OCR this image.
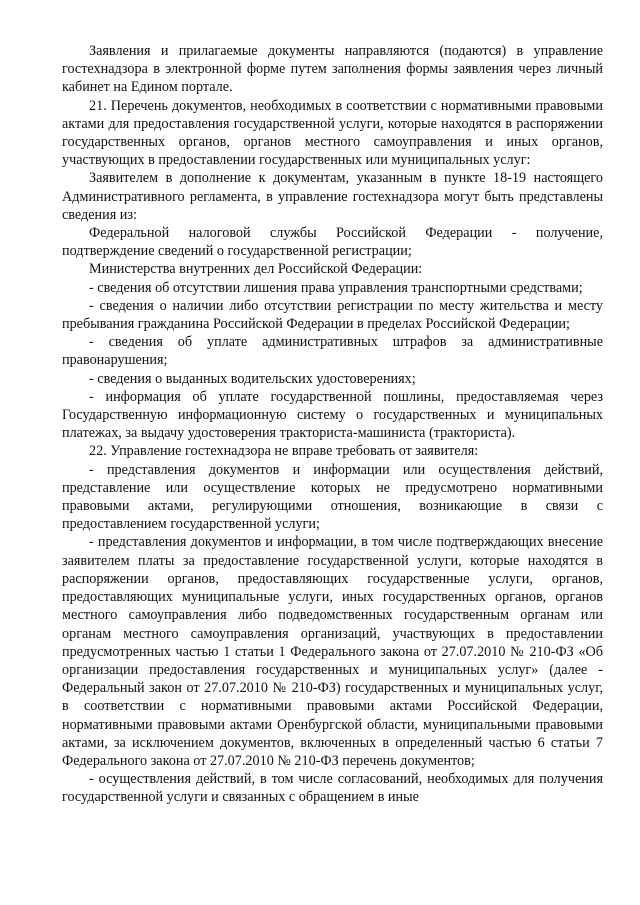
Заявления и прилагаемые документы направляются (подаются) в управление гостехнадзора в электронной форме путем заполнения формы заявления через личный кабинет на Едином портале.

21. Перечень документов, необходимых в соответствии с нормативными правовыми актами для предоставления государственной услуги, которые находятся в распоряжении государственных органов, органов местного самоуправления и иных органов, участвующих в предоставлении государственных или муниципальных услуг:

Заявителем в дополнение к документам, указанным в пункте 18-19 настоящего Административного регламента, в управление гостехнадзора могут быть представлены сведения из:

Федеральной налоговой службы Российской Федерации - получение, подтверждение сведений о государственной регистрации;

Министерства внутренних дел Российской Федерации:

- сведения об отсутствии лишения права управления транспортными средствами;

- сведения о наличии либо отсутствии регистрации по месту жительства и месту пребывания гражданина Российской Федерации в пределах Российской Федерации;

- сведения об уплате административных штрафов за административные правонарушения;

- сведения о выданных водительских удостоверениях;

- информация об уплате государственной пошлины, предоставляемая через Государственную информационную систему о государственных и муниципальных платежах, за выдачу удостоверения тракториста-машиниста (тракториста).

22. Управление гостехнадзора не вправе требовать от заявителя:

- представления документов и информации или осуществления действий, представление или осуществление которых не предусмотрено нормативными правовыми актами, регулирующими отношения, возникающие в связи с предоставлением государственной услуги;

- представления документов и информации, в том числе подтверждающих внесение заявителем платы за предоставление государственной услуги, которые находятся в распоряжении органов, предоставляющих государственные услуги, органов, предоставляющих муниципальные услуги, иных государственных органов, органов местного самоуправления либо подведомственных государственным органам или органам местного самоуправления организаций, участвующих в предоставлении предусмотренных частью 1 статьи 1 Федерального закона от 27.07.2010 № 210-ФЗ «Об организации предоставления государственных и муниципальных услуг» (далее - Федеральный закон от 27.07.2010 № 210-ФЗ) государственных и муниципальных услуг, в соответствии с нормативными правовыми актами Российской Федерации, нормативными правовыми актами Оренбургской области, муниципальными правовыми актами, за исключением документов, включенных в определенный частью 6 статьи 7 Федерального закона от 27.07.2010 № 210-ФЗ перечень документов;

- осуществления действий, в том числе согласований, необходимых для получения государственной услуги и связанных с обращением в иные
